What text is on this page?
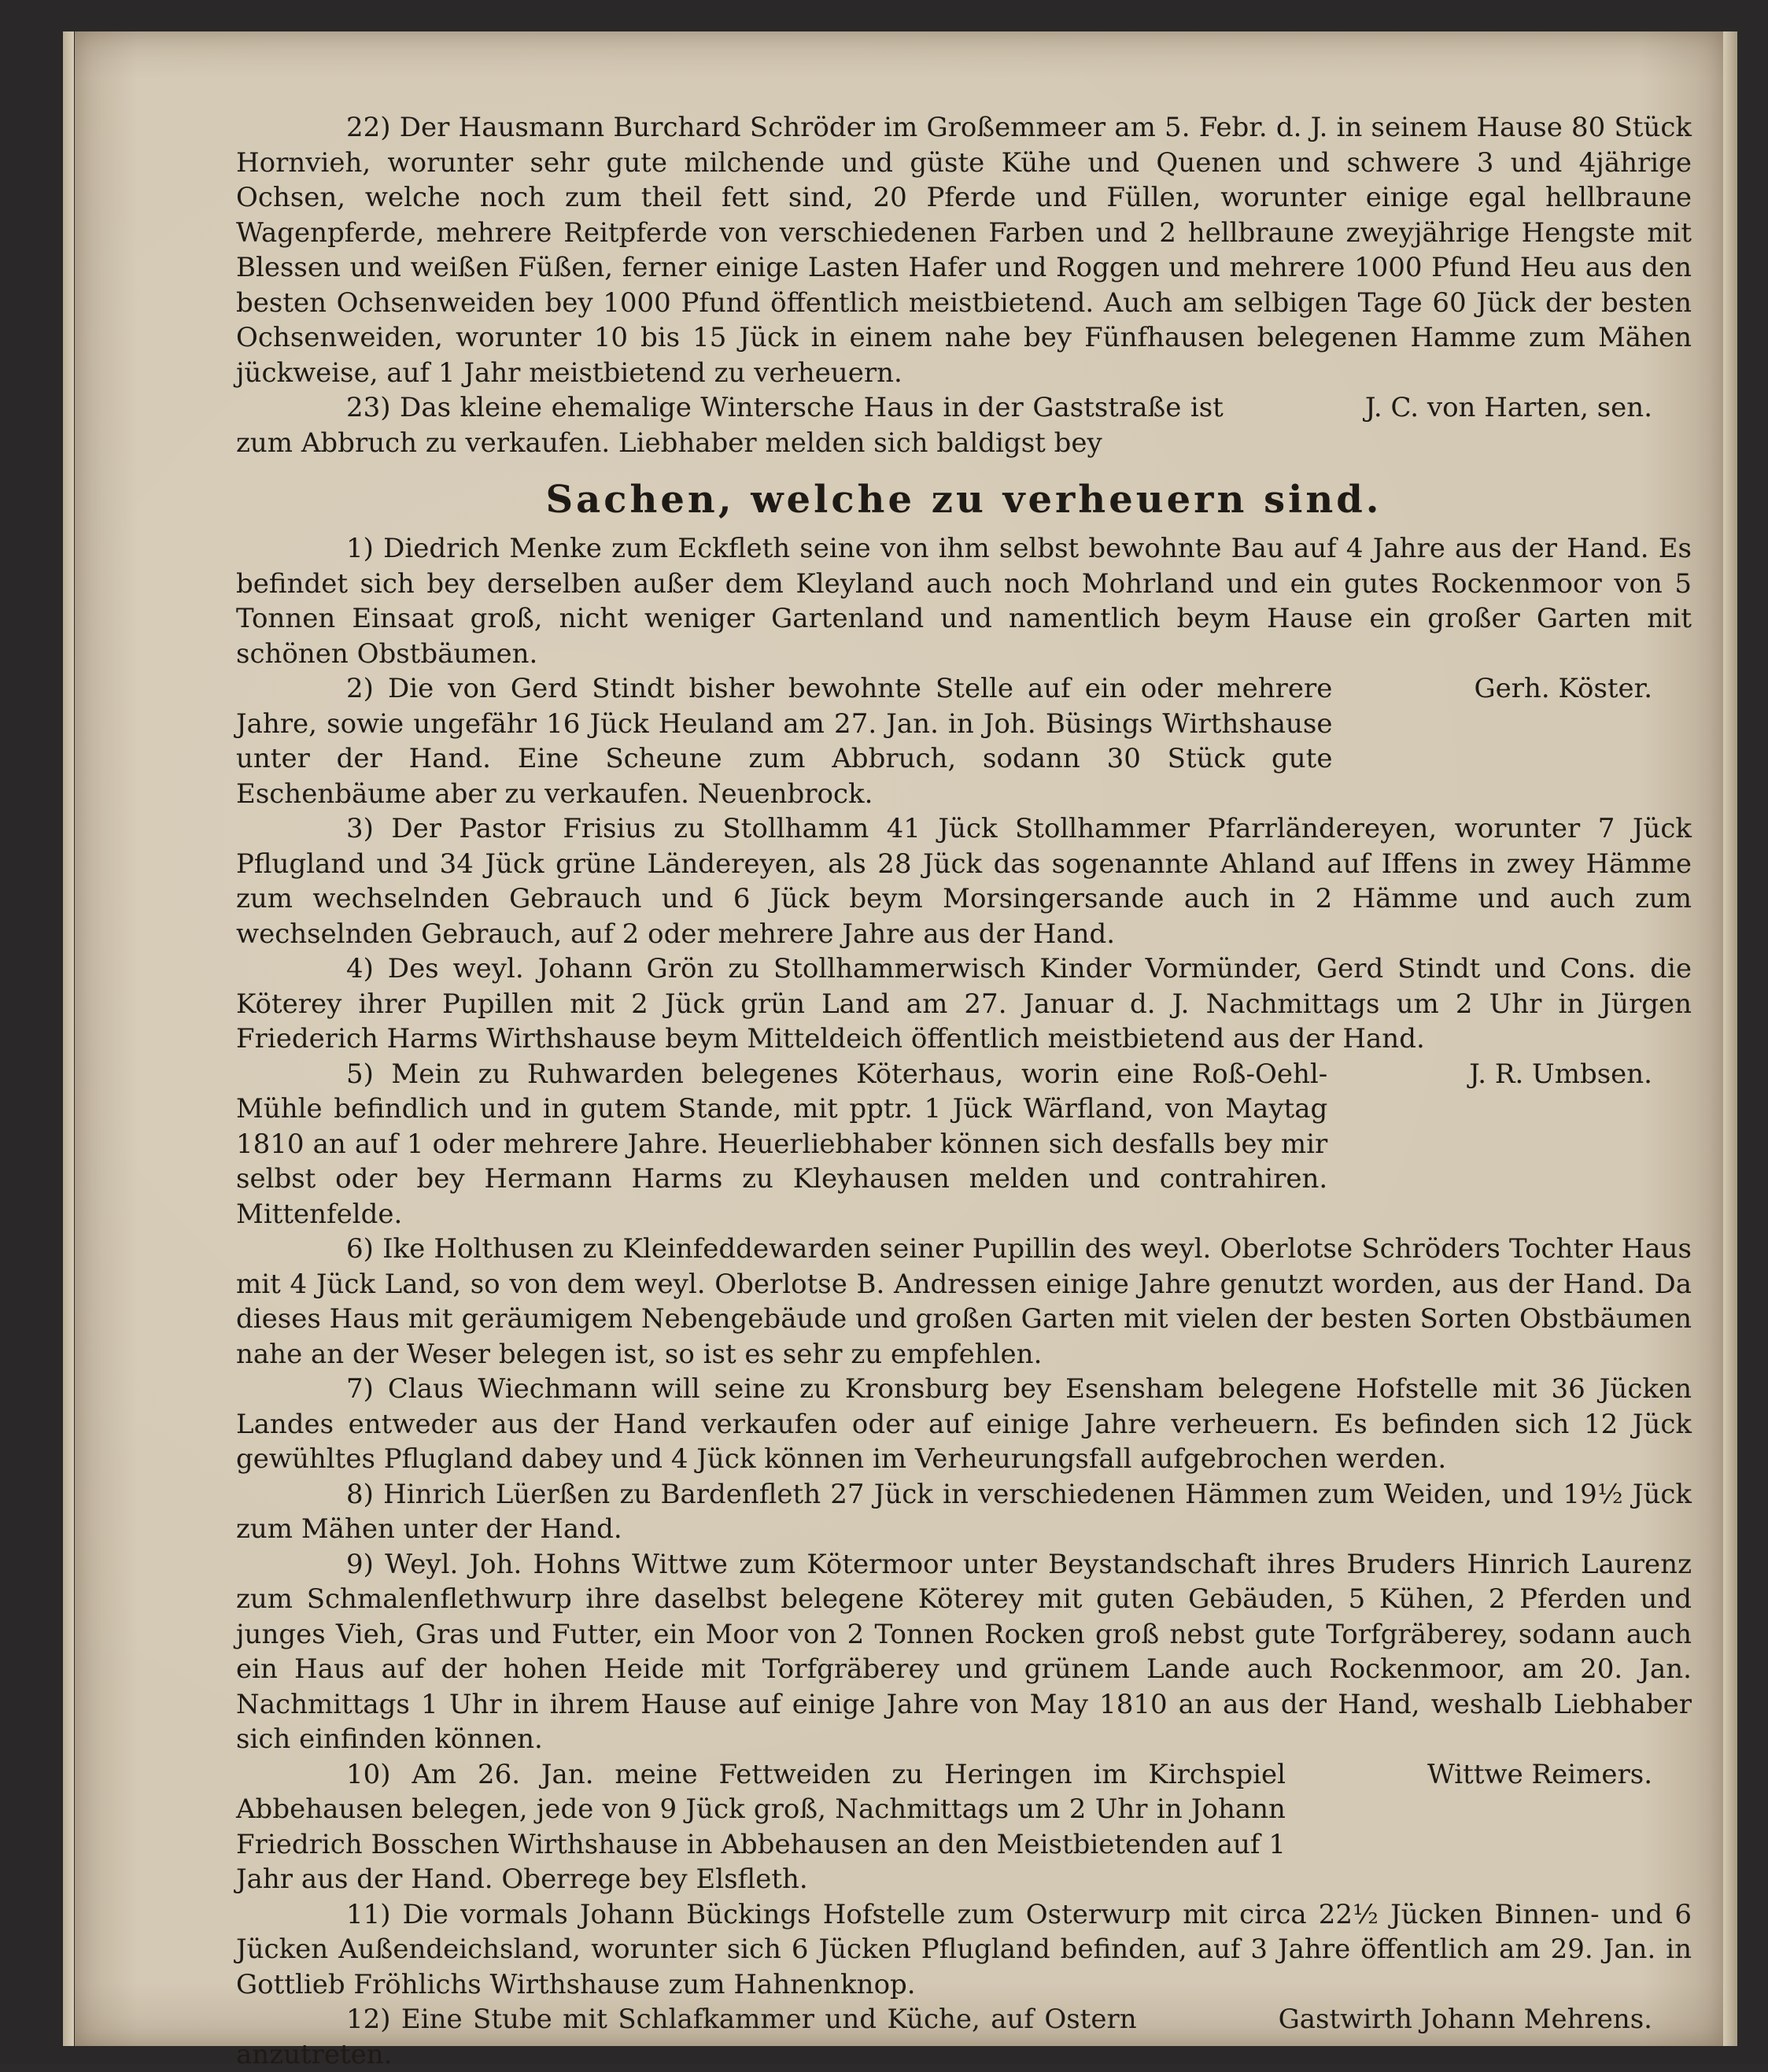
22) Der Hausmann Burchard Schröder im Großemmeer am 5. Febr. d. J. in seinem Hause 80 Stück Hornvieh, worunter sehr gute milchende und güste Kühe und Quenen und schwere 3 und 4jährige Ochsen, welche noch zum theil fett sind, 20 Pferde und Füllen, worunter einige egal hellbraune Wagenpferde, mehrere Reitpferde von verschiedenen Farben und 2 hellbraune zweyjährige Hengste mit Blessen und weißen Füßen, ferner einige Lasten Hafer und Roggen und mehrere 1000 Pfund Heu aus den besten Ochsenweiden bey 1000 Pfund öffentlich meistbietend. Auch am selbigen Tage 60 Jück der besten Ochsenweiden, worunter 10 bis 15 Jück in einem nahe bey Fünfhausen belegenen Hamme zum Mähen jückweise, auf 1 Jahr meistbietend zu verheuern.

23) Das kleine ehemalige Wintersche Haus in der Gaststraße ist zum Abbruch zu verkaufen. Liebhaber melden sich baldigst bey
J. C. von Harten, sen.
Sachen, welche zu verheuern sind.

1) Diedrich Menke zum Eckfleth seine von ihm selbst bewohnte Bau auf 4 Jahre aus der Hand. Es befindet sich bey derselben außer dem Kleyland auch noch Mohrland und ein gutes Rockenmoor von 5 Tonnen Einsaat groß, nicht weniger Gartenland und namentlich beym Hause ein großer Garten mit schönen Obstbäumen.

2) Die von Gerd Stindt bisher bewohnte Stelle auf ein oder mehrere Jahre, sowie ungefähr 16 Jück Heuland am 27. Jan. in Joh. Büsings Wirthshause unter der Hand. Eine Scheune zum Abbruch, sodann 30 Stück gute Eschenbäume aber zu verkaufen. Neuenbrock.
Gerh. Köster.

3) Der Pastor Frisius zu Stollhamm 41 Jück Stollhammer Pfarrländereyen, worunter 7 Jück Pflugland und 34 Jück grüne Ländereyen, als 28 Jück das sogenannte Ahland auf Iffens in zwey Hämme zum wechselnden Gebrauch und 6 Jück beym Morsingersande auch in 2 Hämme und auch zum wechselnden Gebrauch, auf 2 oder mehrere Jahre aus der Hand.

4) Des weyl. Johann Grön zu Stollhammerwisch Kinder Vormünder, Gerd Stindt und Cons. die Köterey ihrer Pupillen mit 2 Jück grün Land am 27. Januar d. J. Nachmittags um 2 Uhr in Jürgen Friederich Harms Wirthshause beym Mitteldeich öffentlich meistbietend aus der Hand.

5) Mein zu Ruhwarden belegenes Köterhaus, worin eine Roß-Oehl-Mühle befindlich und in gutem Stande, mit pptr. 1 Jück Wärfland, von Maytag 1810 an auf 1 oder mehrere Jahre. Heuerliebhaber können sich desfalls bey mir selbst oder bey Hermann Harms zu Kleyhausen melden und contrahiren. Mittenfelde.
J. R. Umbsen.

6) Ike Holthusen zu Kleinfeddewarden seiner Pupillin des weyl. Oberlotse Schröders Tochter Haus mit 4 Jück Land, so von dem weyl. Oberlotse B. Andressen einige Jahre genutzt worden, aus der Hand. Da dieses Haus mit geräumigem Nebengebäude und großen Garten mit vielen der besten Sorten Obstbäumen nahe an der Weser belegen ist, so ist es sehr zu empfehlen.

7) Claus Wiechmann will seine zu Kronsburg bey Esensham belegene Hofstelle mit 36 Jücken Landes entweder aus der Hand verkaufen oder auf einige Jahre verheuern. Es befinden sich 12 Jück gewühltes Pflugland dabey und 4 Jück können im Verheurungsfall aufgebrochen werden.

8) Hinrich Lüerßen zu Bardenfleth 27 Jück in verschiedenen Hämmen zum Weiden, und 19½ Jück zum Mähen unter der Hand.

9) Weyl. Joh. Hohns Wittwe zum Kötermoor unter Beystandschaft ihres Bruders Hinrich Laurenz zum Schmalenflethwurp ihre daselbst belegene Köterey mit guten Gebäuden, 5 Kühen, 2 Pferden und junges Vieh, Gras und Futter, ein Moor von 2 Tonnen Rocken groß nebst gute Torfgräberey, sodann auch ein Haus auf der hohen Heide mit Torfgräberey und grünem Lande auch Rockenmoor, am 20. Jan. Nachmittags 1 Uhr in ihrem Hause auf einige Jahre von May 1810 an aus der Hand, weshalb Liebhaber sich einfinden können.

10) Am 26. Jan. meine Fettweiden zu Heringen im Kirchspiel Abbehausen belegen, jede von 9 Jück groß, Nachmittags um 2 Uhr in Johann Friedrich Bosschen Wirthshause in Abbehausen an den Meistbietenden auf 1 Jahr aus der Hand. Oberrege bey Elsfleth.
Wittwe Reimers.

11) Die vormals Johann Bückings Hofstelle zum Osterwurp mit circa 22½ Jücken Binnen- und 6 Jücken Außendeichsland, worunter sich 6 Jücken Pflugland befinden, auf 3 Jahre öffentlich am 29. Jan. in Gottlieb Fröhlichs Wirthshause zum Hahnenknop.

12) Eine Stube mit Schlafkammer und Küche, auf Ostern anzutreten.
Gastwirth Johann Mehrens.
